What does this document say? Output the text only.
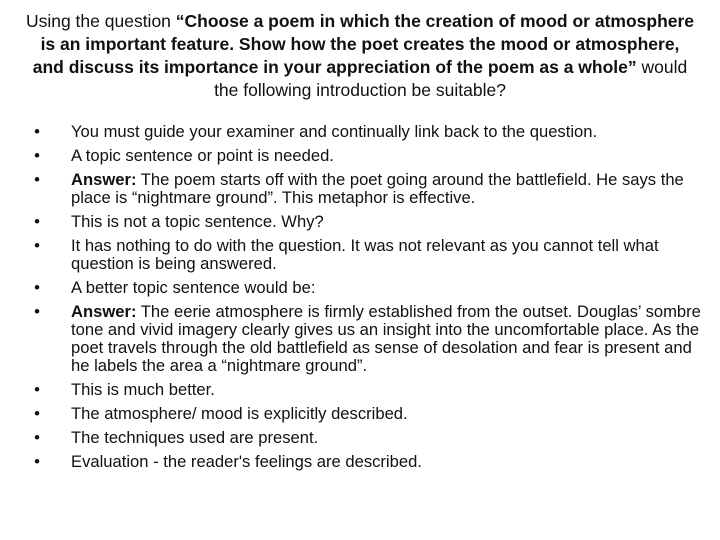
Using the question “Choose a poem in which the creation of mood or atmosphere is an important feature. Show how the poet creates the mood or atmosphere, and discuss its importance in your appreciation of the poem as a whole” would the following introduction be suitable?
• You must guide your examiner and continually link back to the question.
• A topic sentence or point is needed.
• Answer: The poem starts off with the poet going around the battlefield. He says the place is “nightmare ground”. This metaphor is effective.
• This is not a topic sentence. Why?
• It has nothing to do with the question. It was not relevant as you cannot tell what question is being answered.
• A better topic sentence would be:
• Answer: The eerie atmosphere is firmly established from the outset. Douglas’ sombre tone and vivid imagery clearly gives us an insight into the uncomfortable place. As the poet travels through the old battlefield as sense of desolation and fear is present and he labels the area a “nightmare ground”.
• This is much better.
• The atmosphere/ mood is explicitly described.
• The techniques used are present.
• Evaluation - the reader's feelings are described.
